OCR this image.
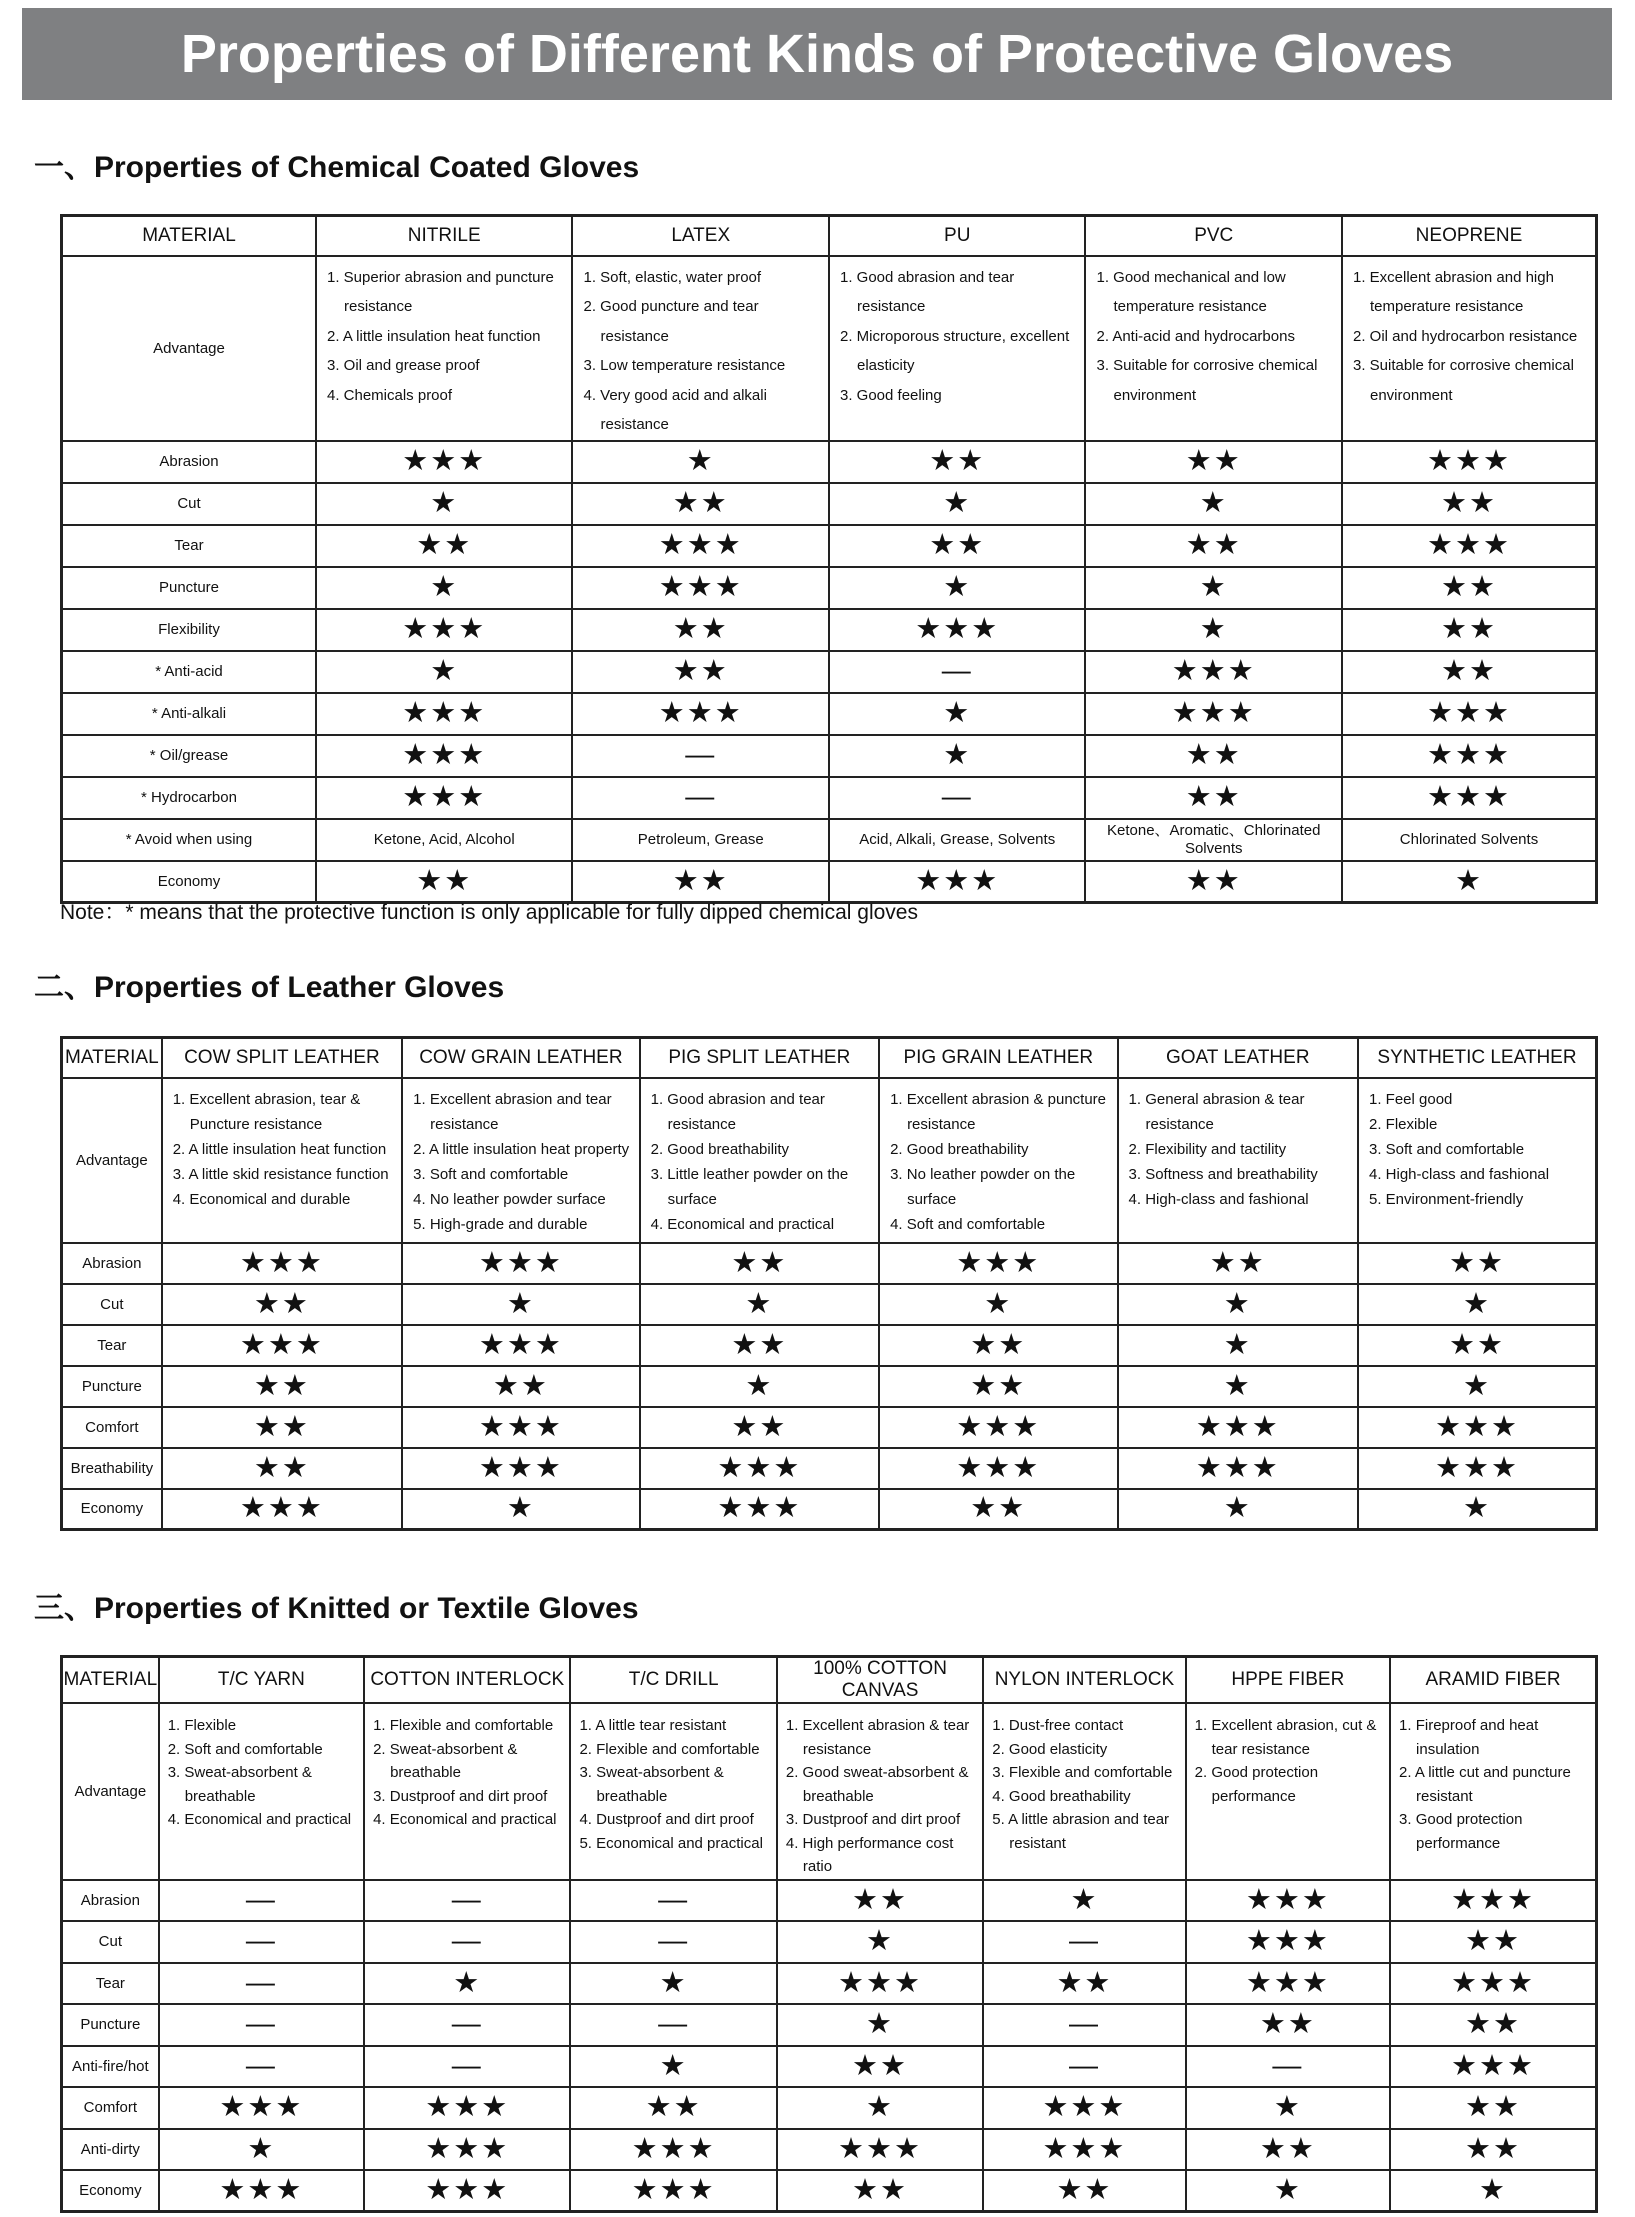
Properties of Different Kinds of Protective Gloves
一、Properties of Chemical Coated Gloves
MATERIAL	NITRILE	LATEX	PU	PVC	NEOPRENE
Advantage	1. Superior abrasion and puncture resistance
2. A little insulation heat function
3. Oil and grease proof
4. Chemicals proof	1. Soft, elastic, water proof
2. Good puncture and tear resistance
3. Low temperature resistance
4. Very good acid and alkali resistance	1. Good abrasion and tear resistance
2. Microporous structure, excellent elasticity
3. Good feeling	1. Good mechanical and low temperature resistance
2. Anti-acid and hydrocarbons
3. Suitable for corrosive chemical environment	1. Excellent abrasion and high temperature resistance
2. Oil and hydrocarbon resistance
3. Suitable for corrosive chemical environment

Abrasion	★★★	★	★★	★★	★★★
Cut	★	★★	★	★	★★
Tear	★★	★★★	★★	★★	★★★
Puncture	★	★★★	★	★	★★
Flexibility	★★★	★★	★★★	★	★★
* Anti-acid	★	★★	—	★★★	★★
* Anti-alkali	★★★	★★★	★	★★★	★★★
* Oil/grease	★★★	—	★	★★	★★★
* Hydrocarbon	★★★	—	—	★★	★★★
* Avoid when using	Ketone, Acid, Alcohol	Petroleum, Grease	Acid, Alkali, Grease, Solvents	Ketone、Aromatic、Chlorinated Solvents	Chlorinated Solvents
Economy	★★	★★	★★★	★★	★
Note：* means that the protective function is only applicable for fully dipped chemical gloves
二、Properties of Leather Gloves
MATERIAL	COW SPLIT LEATHER	COW GRAIN LEATHER	PIG SPLIT LEATHER	PIG GRAIN LEATHER	GOAT LEATHER	SYNTHETIC LEATHER
Advantage	1. Excellent abrasion, tear & Puncture resistance
2. A little insulation heat function
3. A little skid resistance function
4. Economical and durable	1. Excellent abrasion and tear resistance
2. A little insulation heat property
3. Soft and comfortable
4. No leather powder surface
5. High-grade and durable	1. Good abrasion and tear resistance
2. Good breathability
3. Little leather powder on the surface
4. Economical and practical	1. Excellent abrasion & puncture resistance
2. Good breathability
3. No leather powder on the surface
4. Soft and comfortable	1. General abrasion & tear resistance
2. Flexibility and tactility
3. Softness and breathability
4. High-class and fashional	1. Feel good
2. Flexible
3. Soft and comfortable
4. High-class and fashional
5. Environment-friendly

Abrasion	★★★	★★★	★★	★★★	★★	★★
Cut	★★	★	★	★	★	★
Tear	★★★	★★★	★★	★★	★	★★
Puncture	★★	★★	★	★★	★	★
Comfort	★★	★★★	★★	★★★	★★★	★★★
Breathability	★★	★★★	★★★	★★★	★★★	★★★
Economy	★★★	★	★★★	★★	★	★
三、Properties of Knitted or Textile Gloves
MATERIAL	T/C YARN	COTTON INTERLOCK	T/C DRILL	100% COTTON CANVAS	NYLON INTERLOCK	HPPE FIBER	ARAMID FIBER
Advantage	1. Flexible
2. Soft and comfortable
3. Sweat-absorbent & breathable
4. Economical and practical	1. Flexible and comfortable
2. Sweat-absorbent & breathable
3. Dustproof and dirt proof
4. Economical and practical	1. A little tear resistant
2. Flexible and comfortable
3. Sweat-absorbent & breathable
4. Dustproof and dirt proof
5. Economical and practical	1. Excellent abrasion & tear resistance
2. Good sweat-absorbent & breathable
3. Dustproof and dirt proof
4. High performance cost ratio	1. Dust-free contact
2. Good elasticity
3. Flexible and comfortable
4. Good breathability
5. A little abrasion and tear resistant	1. Excellent abrasion, cut & tear resistance
2. Good protection performance	1. Fireproof and heat insulation
2. A little cut and puncture resistant
3. Good protection performance

Abrasion	—	—	—	★★	★	★★★	★★★
Cut	—	—	—	★	—	★★★	★★
Tear	—	★	★	★★★	★★	★★★	★★★
Puncture	—	—	—	★	—	★★	★★
Anti-fire/hot	—	—	★	★★	—	—	★★★
Comfort	★★★	★★★	★★	★	★★★	★	★★
Anti-dirty	★	★★★	★★★	★★★	★★★	★★	★★
Economy	★★★	★★★	★★★	★★	★★	★	★
